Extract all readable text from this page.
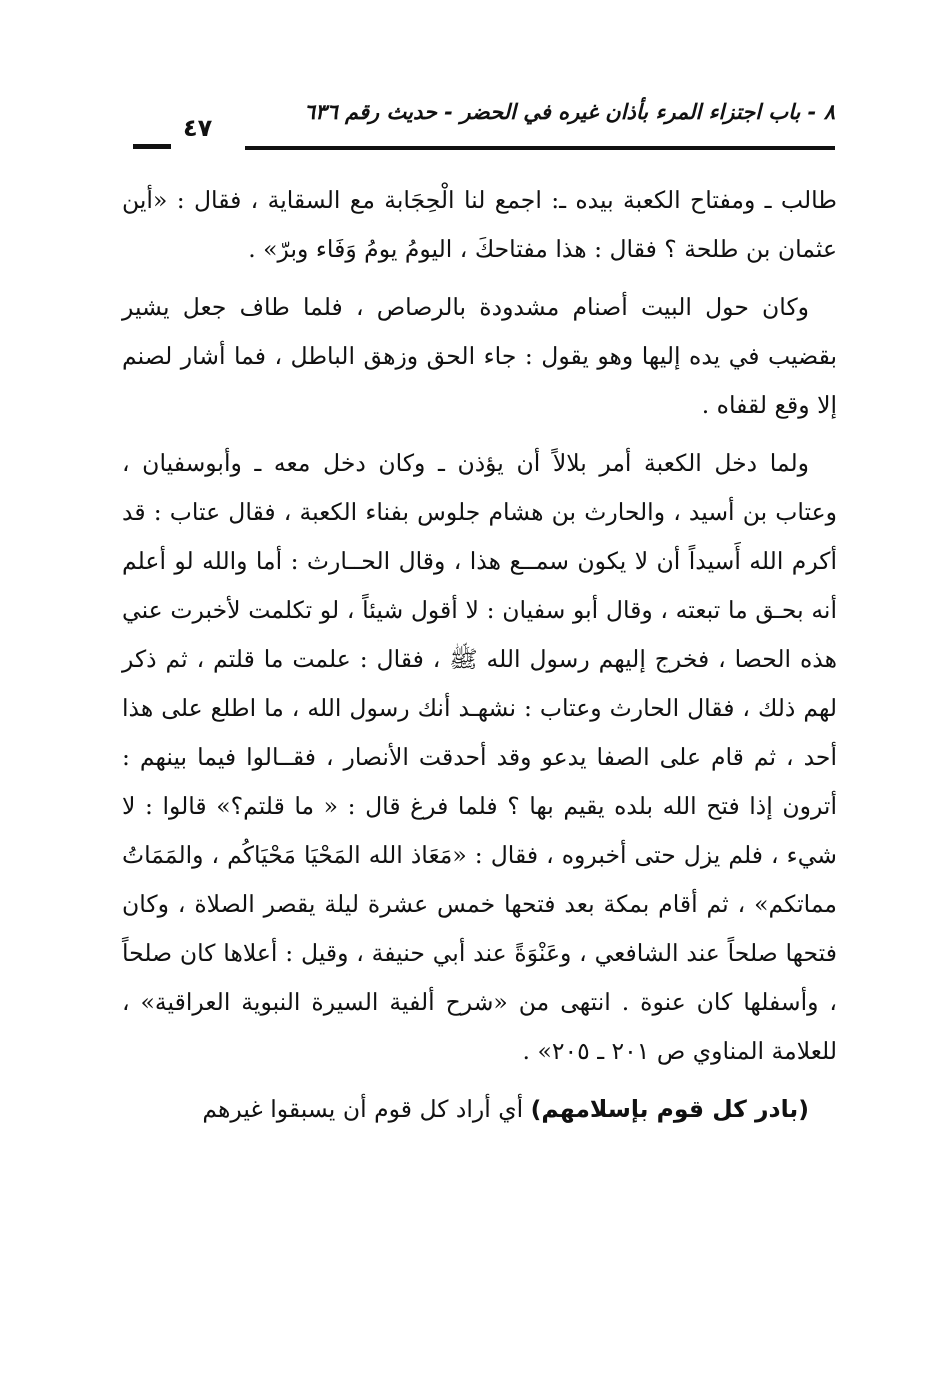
٨ - باب اجتزاء المرء بأذان غيره في الحضر - حديث رقم ٦٣٦
٤٧

طالب ـ ومفتاح الكعبة بيده ـ: اجمع لنا الْحِجَابة مع السقاية ، فقال : «أين عثمان بن طلحة ؟ فقال : هذا مفتاحكَ ، اليومُ يومُ وَفَاء وبرّ» .

وكان حول البيت أصنام مشدودة بالرصاص ، فلما طاف جعل يشير بقضيب في يده إليها وهو يقول : جاء الحق وزهق الباطل ، فما أشار لصنم إلا وقع لقفاه .

ولما دخل الكعبة أمر بلالاً أن يؤذن ـ وكان دخل معه ـ وأبوسفيان ، وعتاب بن أسيد ، والحارث بن هشام جلوس بفناء الكعبة ، فقال عتاب : قد أكرم الله أَسيداً أن لا يكون سمــع هذا ، وقال الحــارث : أما والله لو أعلم أنه بحـق ما تبعته ، وقال أبو سفيان : لا أقول شيئاً ، لو تكلمت لأخبرت عني هذه الحصا ، فخرج إليهم رسول الله ﷺ ، فقال : علمت ما قلتم ، ثم ذكر لهم ذلك ، فقال الحارث وعتاب : نشهـد أنك رسول الله ، ما اطلع على هذا أحد ، ثم قام على الصفا يدعو وقد أحدقت الأنصار ، فقــالوا فيما بينهم : أترون إذا فتح الله بلده يقيم بها ؟ فلما فرغ قال : « ما قلتم؟» قالوا : لا شيء ، فلم يزل حتى أخبروه ، فقال : «مَعَاذ الله المَحْيَا مَحْيَاكُم ، والمَمَاتُ مماتكم» ، ثم أقام بمكة بعد فتحها خمس عشرة ليلة يقصر الصلاة ، وكان فتحها صلحاً عند الشافعي ، وعَنْوَةً عند أبي حنيفة ، وقيل : أعلاها كان صلحاً ، وأسفلها كان عنوة . انتهى من «شرح ألفية السيرة النبوية العراقية» ، للعلامة المناوي ص ٢٠١ ـ ٢٠٥» .

(بادر كل قوم بإسلامهم) أي أراد كل قوم أن يسبقوا غيرهم
